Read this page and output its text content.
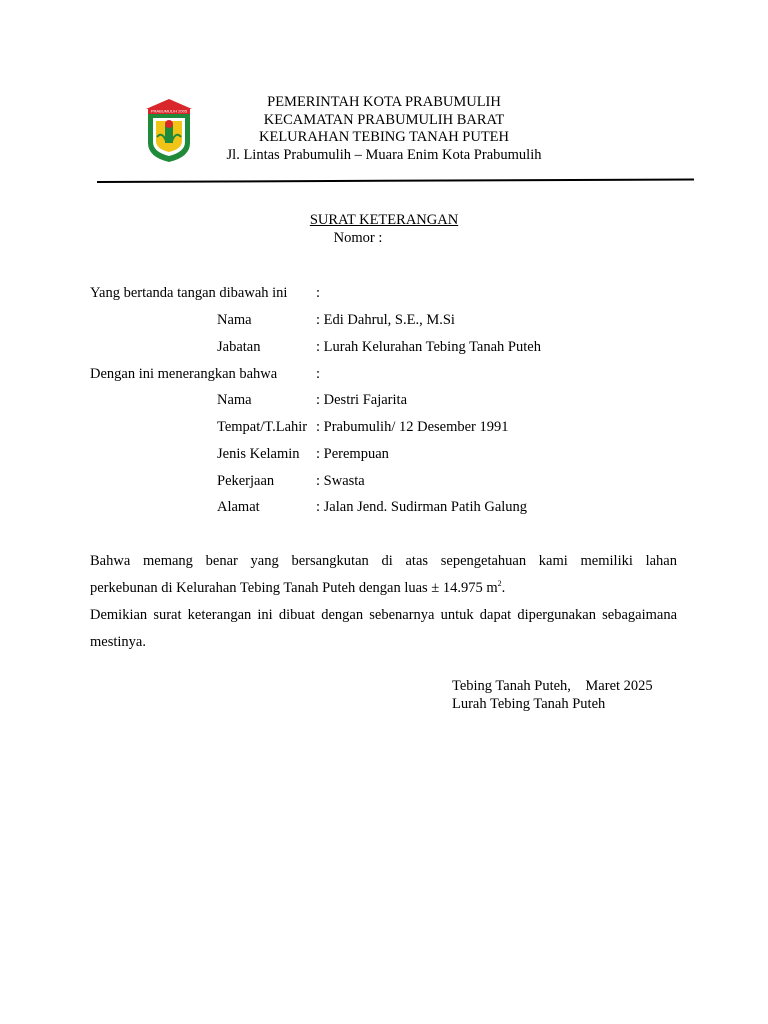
PRABUMULIH 2005
PEMERINTAH KOTA PRABUMULIH
KECAMATAN PRABUMULIH BARAT
KELURAHAN TEBING TANAH PUTEH
Jl. Lintas Prabumulih – Muara Enim Kota Prabumulih
SURAT KETERANGAN
Nomor :
Yang bertanda tangan dibawah ini :
Nama	: Edi Dahrul, S.E., M.Si
Jabatan	: Lurah Kelurahan Tebing Tanah Puteh
Dengan ini menerangkan bahwa	:
Nama	: Destri Fajarita
Tempat/T.Lahir : Prabumulih/ 12 Desember 1991
Jenis Kelamin : Perempuan
Pekerjaan	: Swasta
Alamat	: Jalan Jend. Sudirman Patih Galung

Bahwa memang benar yang bersangkutan di atas sepengetahuan kami memiliki lahan
perkebunan di Kelurahan Tebing Tanah Puteh dengan luas ± 14.975 $m^2$.

Demikian surat keterangan ini dibuat dengan sebenarnya untuk dapat dipergunakan sebagaimana mestinya.

Tebing Tanah Puteh,    Maret 2025
Lurah Tebing Tanah Puteh
